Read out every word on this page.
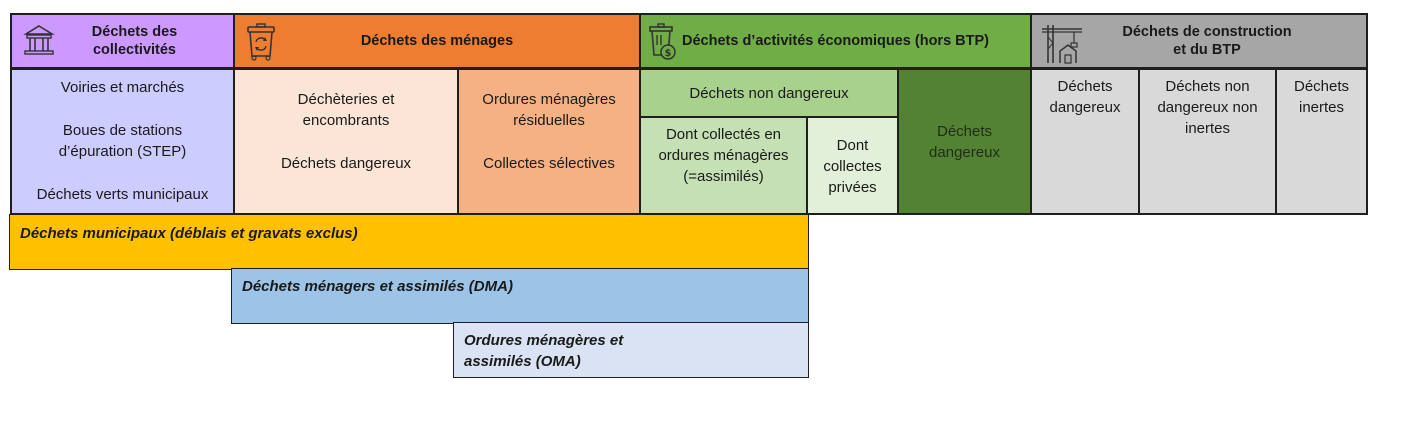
Déchets des
collectivités
Déchets des ménages
$
Déchets d’activités économiques (hors BTP)
Déchets de construction
et du BTP
Voiries et marchés
Boues de stations
d’épuration (STEP)
Déchets verts municipaux
Déchèteries et
encombrants
Déchets dangereux
Ordures ménagères
résiduelles
Collectes sélectives
Déchets non dangereux
Dont collectés en
ordures ménagères
(=assimilés)
Dont
collectes
privées
Déchets
dangereux
Déchets
dangereux
Déchets non
dangereux non
inertes
Déchets
inertes
Déchets municipaux (déblais et gravats exclus)
Déchets ménagers et assimilés (DMA)
Ordures ménagères et
assimilés (OMA)
